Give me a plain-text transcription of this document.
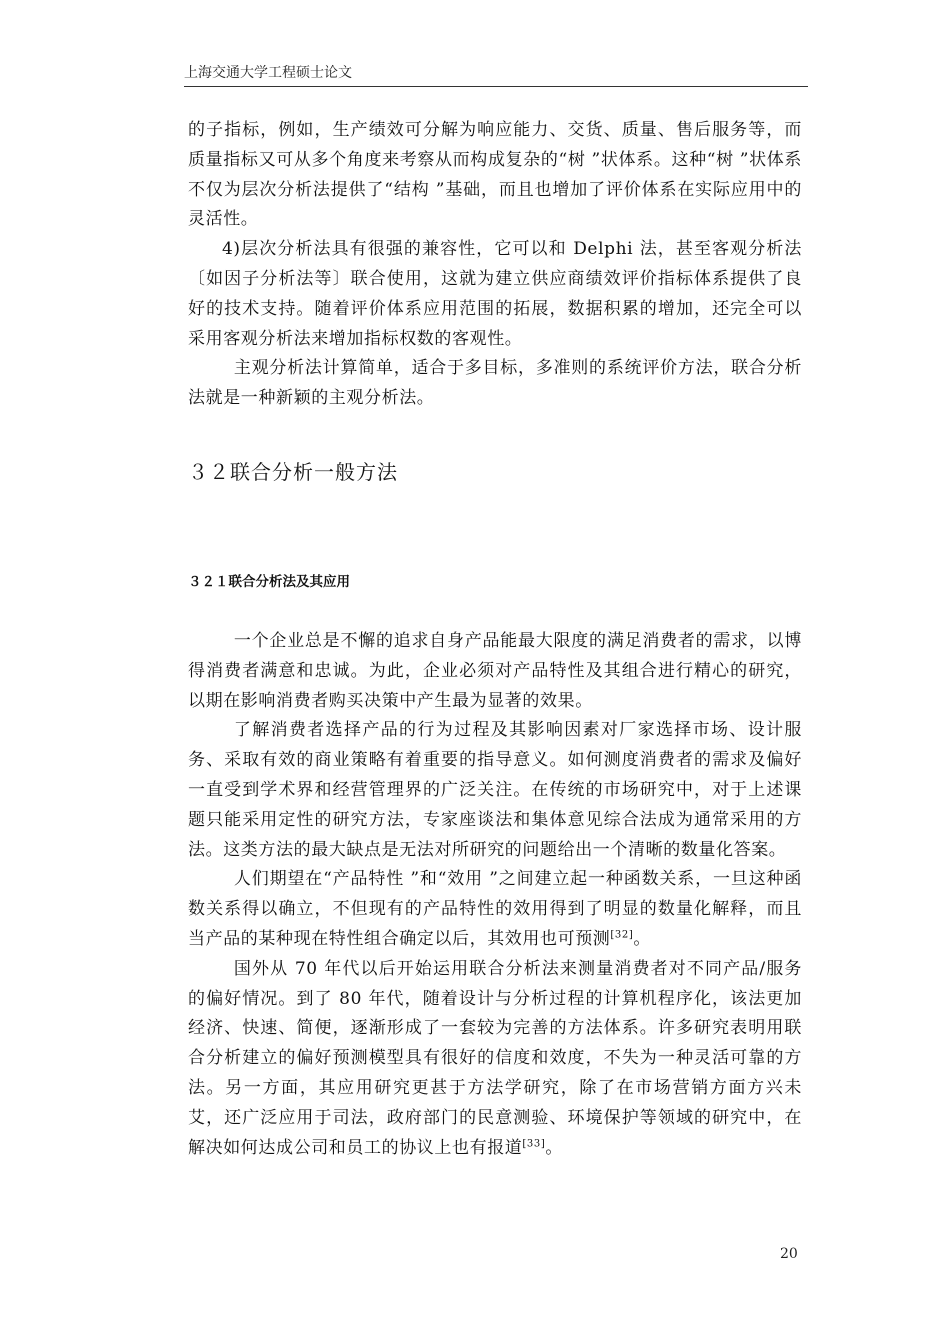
上海交通大学工程硕士论文

的子指标，例如，生产绩效可分解为响应能力、交货、质量、售后服务等，而质量指标又可从多个角度来考察从而构成复杂的“树 ”状体系。这种“树 ”状体系不仅为层次分析法提供了“结构 ”基础，而且也增加了评价体系在实际应用中的灵活性。

4)层次分析法具有很强的兼容性，它可以和 Delphi 法，甚至客观分析法〔如因子分析法等〕联合使用，这就为建立供应商绩效评价指标体系提供了良好的技术支持。随着评价体系应用范围的拓展，数据积累的增加，还完全可以采用客观分析法来增加指标权数的客观性。

主观分析法计算简单，适合于多目标，多准则的系统评价方法，联合分析法就是一种新颖的主观分析法。

３２联合分析一般方法
３２１联合分析法及其应用

一个企业总是不懈的追求自身产品能最大限度的满足消费者的需求，以博得消费者满意和忠诚。为此，企业必须对产品特性及其组合进行精心的研究，以期在影响消费者购买决策中产生最为显著的效果。

了解消费者选择产品的行为过程及其影响因素对厂家选择市场、设计服务、采取有效的商业策略有着重要的指导意义。如何测度消费者的需求及偏好一直受到学术界和经营管理界的广泛关注。在传统的市场研究中，对于上述课题只能采用定性的研究方法，专家座谈法和集体意见综合法成为通常采用的方法。这类方法的最大缺点是无法对所研究的问题给出一个清晰的数量化答案。

人们期望在“产品特性 ”和“效用 ”之间建立起一种函数关系，一旦这种函数关系得以确立，不但现有的产品特性的效用得到了明显的数量化解释，而且当产品的某种现在特性组合确定以后，其效用也可预测[32]。

国外从 70 年代以后开始运用联合分析法来测量消费者对不同产品/服务的偏好情况。到了 80 年代，随着设计与分析过程的计算机程序化，该法更加经济、快速、简便，逐渐形成了一套较为完善的方法体系。许多研究表明用联合分析建立的偏好预测模型具有很好的信度和效度，不失为一种灵活可靠的方法。另一方面，其应用研究更甚于方法学研究，除了在市场营销方面方兴未艾，还广泛应用于司法，政府部门的民意测验、环境保护等领域的研究中，在解决如何达成公司和员工的协议上也有报道[33]。

20
